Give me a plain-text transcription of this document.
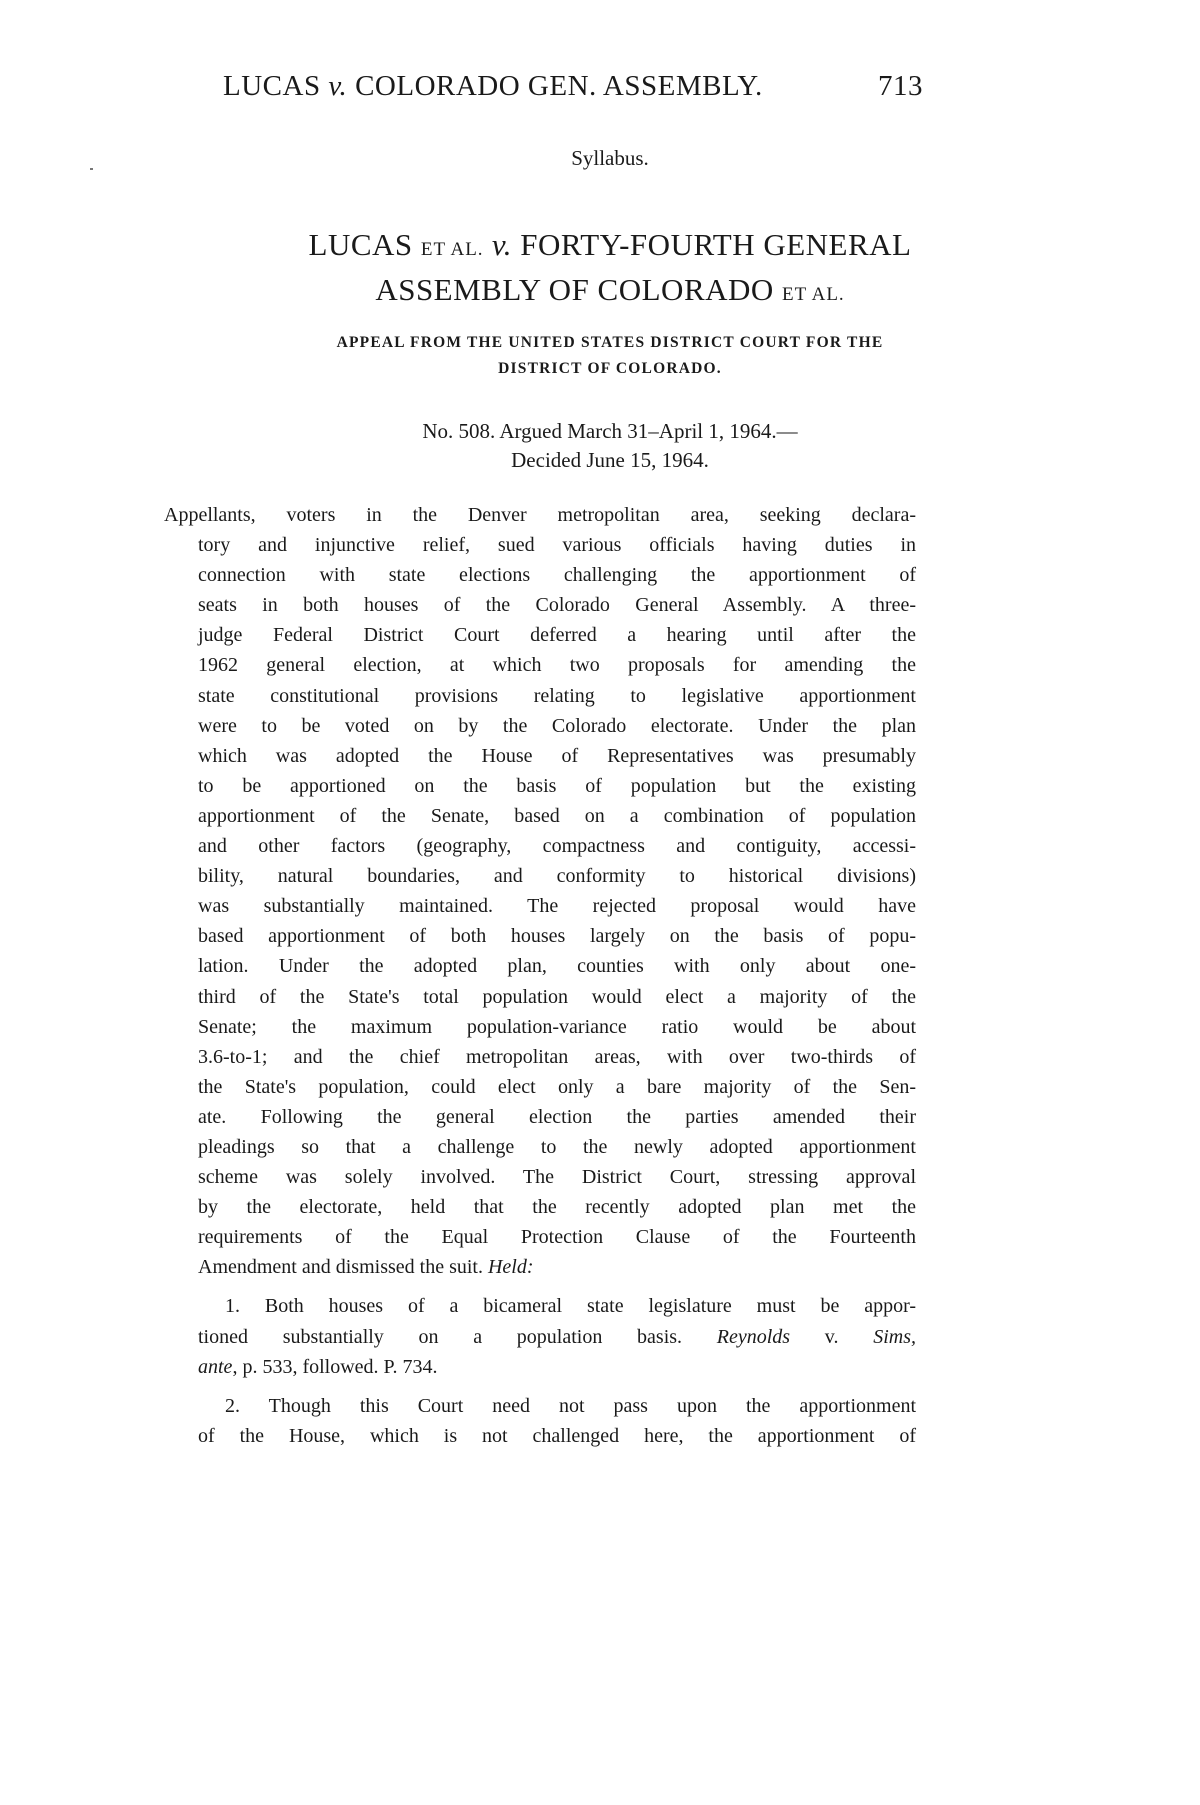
LUCAS v. COLORADO GEN. ASSEMBLY.	713
Syllabus.
LUCAS ET AL. v. FORTY-FOURTH GENERAL
ASSEMBLY OF COLORADO ET AL.
APPEAL FROM THE UNITED STATES DISTRICT COURT FOR THE
DISTRICT OF COLORADO.
No. 508. Argued March 31–April 1, 1964.—
Decided June 15, 1964.
Appellants, voters in the Denver metropolitan area, seeking declara-
tory and injunctive relief, sued various officials having duties in
connection with state elections challenging the apportionment of
seats in both houses of the Colorado General Assembly. A three-
judge Federal District Court deferred a hearing until after the
1962 general election, at which two proposals for amending the
state constitutional provisions relating to legislative apportionment
were to be voted on by the Colorado electorate. Under the plan
which was adopted the House of Representatives was presumably
to be apportioned on the basis of population but the existing
apportionment of the Senate, based on a combination of population
and other factors (geography, compactness and contiguity, accessi-
bility, natural boundaries, and conformity to historical divisions)
was substantially maintained. The rejected proposal would have
based apportionment of both houses largely on the basis of popu-
lation. Under the adopted plan, counties with only about one-
third of the State's total population would elect a majority of the
Senate; the maximum population-variance ratio would be about
3.6-to-1; and the chief metropolitan areas, with over two-thirds of
the State's population, could elect only a bare majority of the Sen-
ate. Following the general election the parties amended their
pleadings so that a challenge to the newly adopted apportionment
scheme was solely involved. The District Court, stressing approval
by the electorate, held that the recently adopted plan met the
requirements of the Equal Protection Clause of the Fourteenth
Amendment and dismissed the suit. Held:
1. Both houses of a bicameral state legislature must be appor-
tioned substantially on a population basis. Reynolds v. Sims,
ante, p. 533, followed. P. 734.
2. Though this Court need not pass upon the apportionment
of the House, which is not challenged here, the apportionment of
